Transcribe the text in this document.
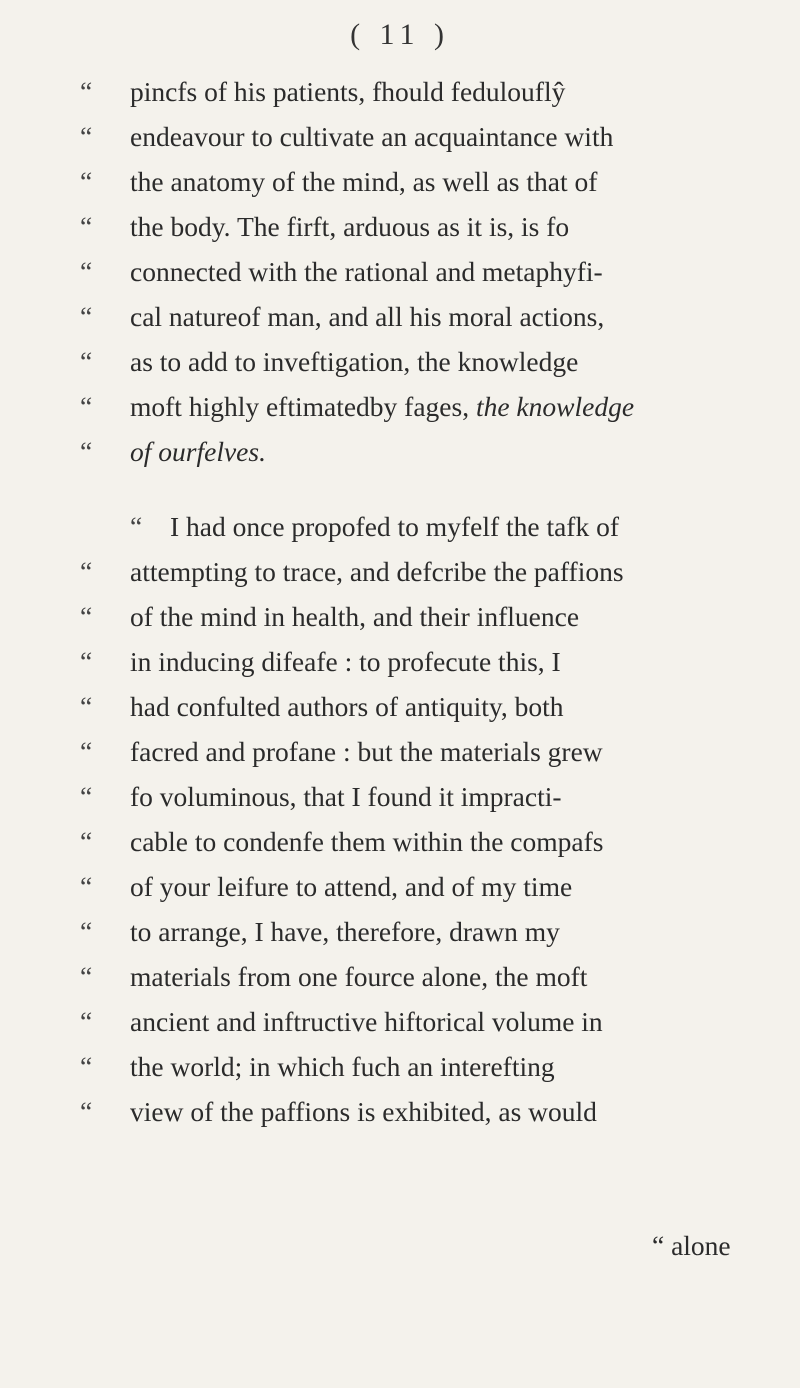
( 11 )
“ pincfs of his patients, fhould fedulouflŷ
“ endeavour to cultivate an acquaintance with
“ the anatomy of the mind, as well as that of
“ the body. The firft, arduous as it is, is fo
“ connected with the rational and metaphyfi-
“ cal natureof man, and all his moral actions,
“ as to add to inveftigation, the knowledge
“ moft highly eftimatedby fages, the knowledge
“ of ourfelves.
“ I had once propofed to myfelf the tafk of
“ attempting to trace, and defcribe the paffions
“ of the mind in health, and their influence
“ in inducing difeafe : to profecute this, I
“ had confulted authors of antiquity, both
“ facred and profane : but the materials grew
“ fo voluminous, that I found it impracti-
“ cable to condenfe them within the compafs
“ of your leifure to attend, and of my time
“ to arrange, I have, therefore, drawn my
“ materials from one fource alone, the moft
“ ancient and inftructive hiftorical volume in
“ the world; in which fuch an interefting
“ view of the paffions is exhibited, as would
“ alone
